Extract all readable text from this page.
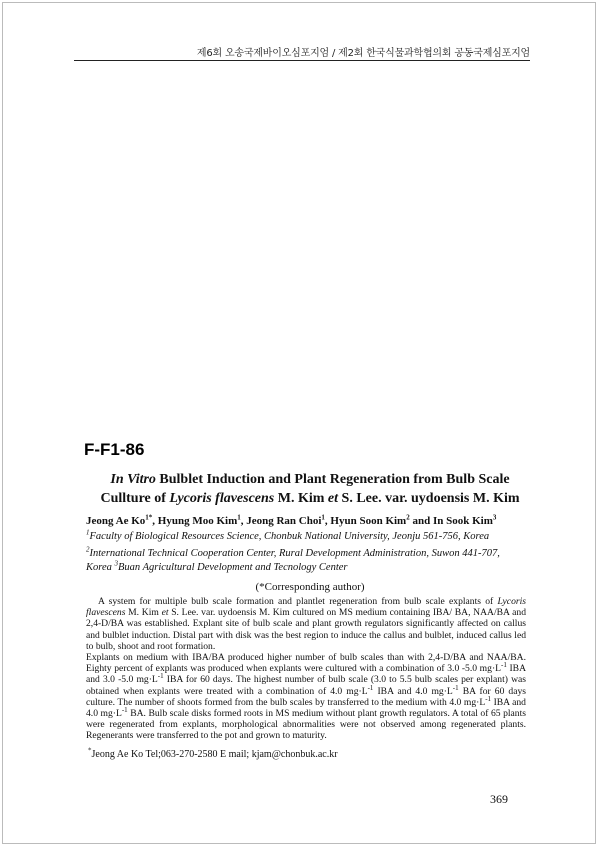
제6회 오송국제바이오심포지엄 / 제2회 한국식물과학협의회 공동국제심포지엄
F-F1-86
In Vitro Bulblet Induction and Plant Regeneration from Bulb Scale
Cullture of Lycoris flavescens M. Kim et S. Lee. var. uydoensis M. Kim
Jeong Ae $Ko^{1*}$, Hyung Moo Kim$^1$, Jeong Ran Choi$^1$, Hyun Soon Kim$^2$ and In Sook Kim$^3$
$^1$Faculty of Biological Resources Science, Chonbuk National University, Jeonju 561-756, Korea
$^2$International Technical Cooperation Center, Rural Development Administration, Suwon 441-707,
Korea $^3$Buan Agricultural Development and Tecnology Center
(*Corresponding author)

A system for multiple bulb scale formation and plantlet regeneration from bulb scale explants of Lycoris flavescens M. Kim et S. Lee. var. uydoensis M. Kim cultured on MS medium containing IBA/ BA, NAA/BA and 2,4-D/BA was established. Explant site of bulb scale and plant growth regulators significantly affected on callus and bulblet induction. Distal part with disk was the best region to induce the callus and bulblet, induced callus led to bulb, shoot and root formation.

Explants on medium with IBA/BA produced higher number of bulb scales than with 2,4-D/BA and NAA/BA. Eighty percent of explants was produced when explants were cultured with a combination of 3.0 -5.0 $mg\cdot L^{-1}$ IBA and 3.0 -5.0 $mg\cdot L^{-1}$ IBA for 60 days. The highest number of bulb scale (3.0 to 5.5 bulb scales per explant) was obtained when explants were treated with a combination of 4.0 $mg\cdot L^{-1}$ IBA and 4.0 $mg\cdot L^{-1}$ BA for 60 days culture. The number of shoots formed from the bulb scales by transferred to the medium with 4.0 $mg\cdot L^{-1}$ IBA and 4.0 $mg\cdot L^{-1}$ BA. Bulb scale disks formed roots in MS medium without plant growth regulators. A total of 65 plants were regenerated from explants, morphological abnormalities were not observed among regenerated plants. Regenerants were transferred to the pot and grown to maturity.

*Jeong Ae Ko Tel;063-270-2580 E mail; kjam@chonbuk.ac.kr
369
